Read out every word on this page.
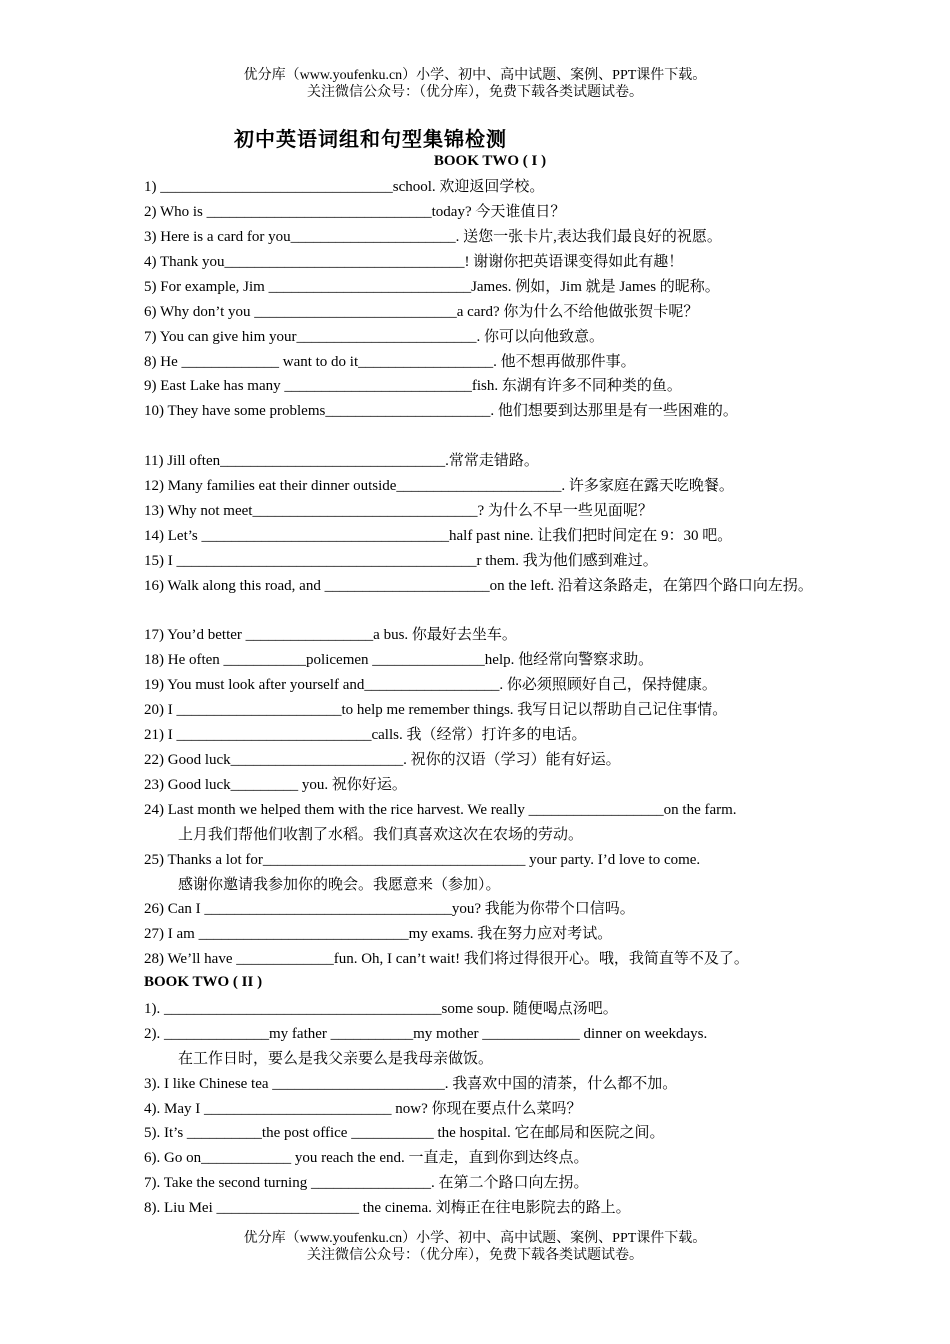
优分库（www.youfenku.cn）小学、初中、高中试题、案例、PPT课件下载。
关注微信公众号：（优分库），免费下载各类试题试卷。
初中英语词组和句型集锦检测
BOOK TWO ( I )
1) _______________________________school. 欢迎返回学校。
2) Who is ______________________________today? 今天谁值日？
3) Here is a card for you______________________. 送您一张卡片,表达我们最良好的祝愿。
4) Thank you________________________________! 谢谢你把英语课变得如此有趣！
5) For example, Jim ___________________________James. 例如，Jim 就是 James 的昵称。
6) Why don’t you ___________________________a card? 你为什么不给他做张贺卡呢？
7) You can give him your________________________. 你可以向他致意。
8) He _____________ want to do it__________________. 他不想再做那件事。
9) East Lake has many _________________________fish. 东湖有许多不同种类的鱼。
10) They have some problems______________________. 他们想要到达那里是有一些困难的。
11) Jill often______________________________.常常走错路。
12) Many families eat their dinner outside______________________. 许多家庭在露天吃晚餐。
13) Why not meet______________________________? 为什么不早一些见面呢？
14) Let’s _________________________________half past nine. 让我们把时间定在 9：30 吧。
15) I ________________________________________r them. 我为他们感到难过。
16) Walk along this road, and ______________________on the left. 沿着这条路走，在第四个路口向左拐。
17) You’d better _________________a bus. 你最好去坐车。
18) He often ___________policemen _______________help. 他经常向警察求助。
19) You must look after yourself and__________________. 你必须照顾好自己，保持健康。
20) I ______________________to help me remember things. 我写日记以帮助自己记住事情。
21) I __________________________calls. 我（经常）打许多的电话。
22) Good luck_______________________. 祝你的汉语（学习）能有好运。
23) Good luck_________ you. 祝你好运。
24) Last month we helped them with the rice harvest. We really __________________on the farm.
上月我们帮他们收割了水稻。我们真喜欢这次在农场的劳动。
25) Thanks a lot for___________________________________ your party. I’d love to come.
感谢你邀请我参加你的晚会。我愿意来（参加）。
26) Can I _________________________________you? 我能为你带个口信吗。
27) I am ____________________________my exams. 我在努力应对考试。
28) We’ll have _____________fun. Oh, I can’t wait! 我们将过得很开心。哦，我简直等不及了。
BOOK TWO ( II )
1). _____________________________________some soup. 随便喝点汤吧。
2). ______________my father ___________my mother _____________ dinner on weekdays.
在工作日时，要么是我父亲要么是我母亲做饭。
3). I like Chinese tea _______________________. 我喜欢中国的清茶，什么都不加。
4). May I _________________________ now? 你现在要点什么菜吗？
5). It’s __________the post office ___________ the hospital. 它在邮局和医院之间。
6). Go on____________ you reach the end. 一直走，直到你到达终点。
7). Take the second turning ________________. 在第二个路口向左拐。
8). Liu Mei ___________________ the cinema. 刘梅正在往电影院去的路上。
优分库（www.youfenku.cn）小学、初中、高中试题、案例、PPT课件下载。
关注微信公众号：（优分库），免费下载各类试题试卷。
